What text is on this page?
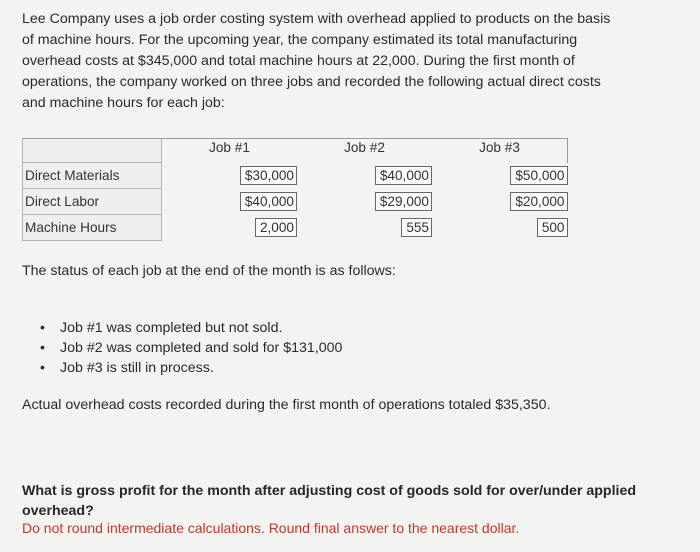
Lee Company uses a job order costing system with overhead applied to products on the basis
of machine hours. For the upcoming year, the company estimated its total manufacturing
overhead costs at $345,000 and total machine hours at 22,000. During the first month of
operations, the company worked on three jobs and recorded the following actual direct costs
and machine hours for each job:
	Job #1	Job #2	Job #3
Direct Materials	$30,000	$40,000	$50,000
Direct Labor	$40,000	$29,000	$20,000
Machine Hours	2,000	555	500
The status of each job at the end of the month is as follows:
• Job #1 was completed but not sold.
• Job #2 was completed and sold for $131,000
• Job #3 is still in process.
Actual overhead costs recorded during the first month of operations totaled $35,350.
What is gross profit for the month after adjusting cost of goods sold for over/under applied
overhead?
Do not round intermediate calculations. Round final answer to the nearest dollar.
